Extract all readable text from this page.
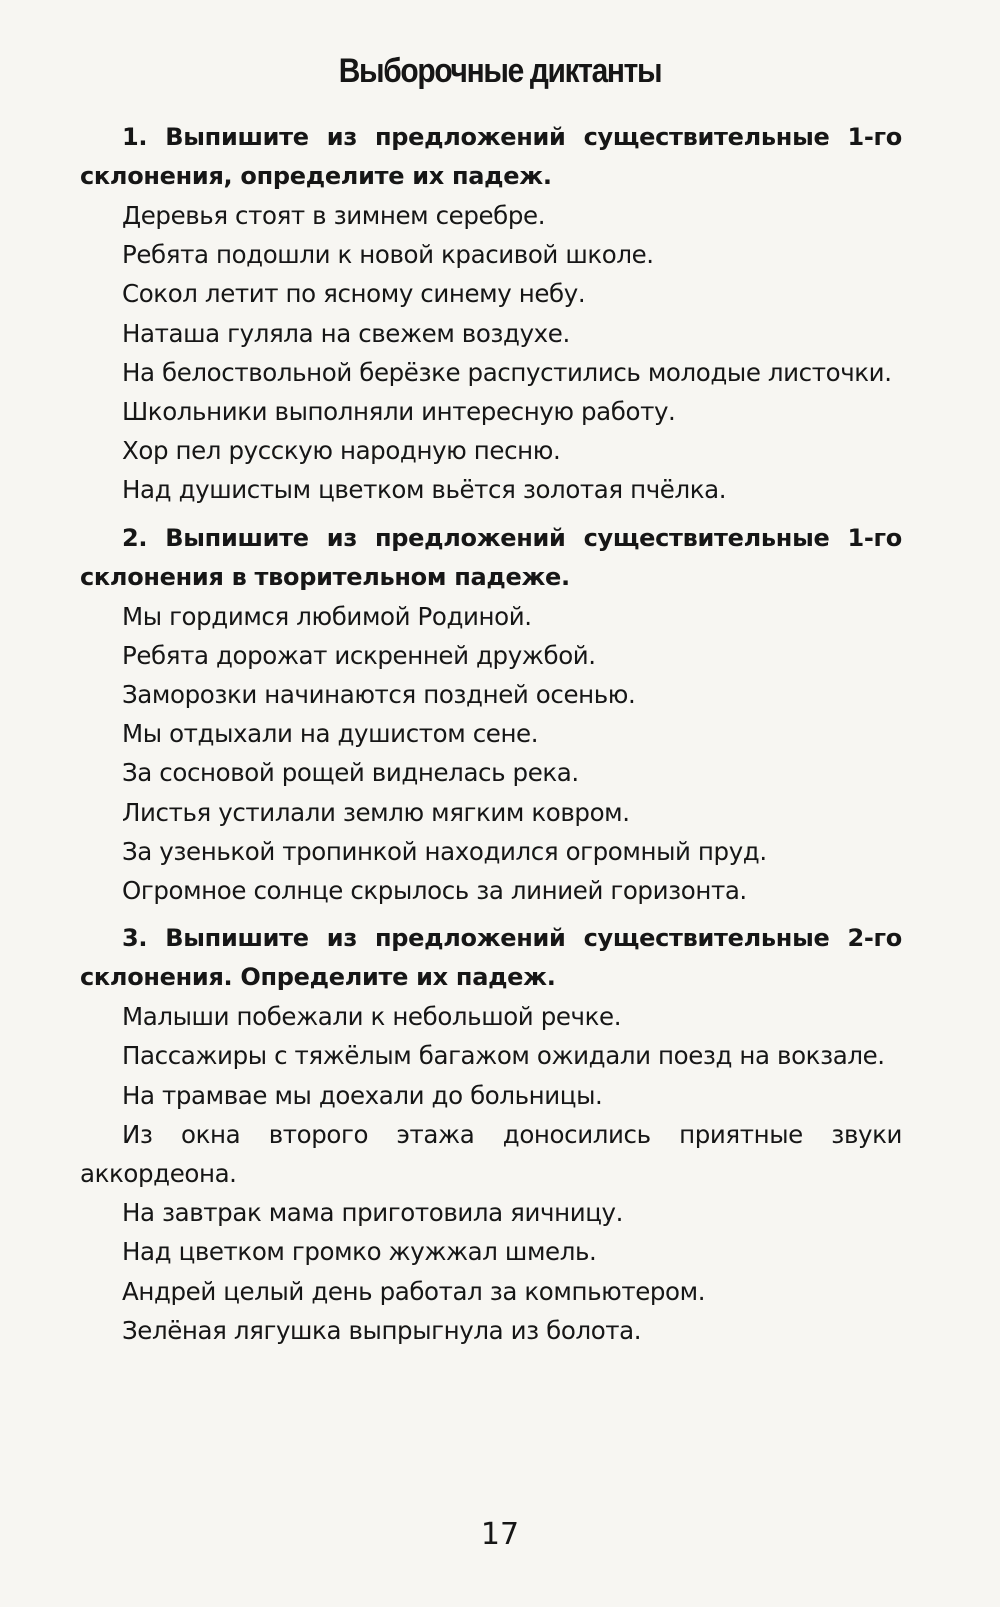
Выборочные диктанты

1. Выпишите из предложений существительные 1-го склонения, определите их падеж.

Деревья стоят в зимнем серебре.
Ребята подошли к новой красивой школе.
Сокол летит по ясному синему небу.
Наташа гуляла на свежем воздухе.
На белоствольной берёзке распустились молодые листочки.
Школьники выполняли интересную работу.
Хор пел русскую народную песню.
Над душистым цветком вьётся золотая пчёлка.

2. Выпишите из предложений существительные 1-го склонения в творительном падеже.

Мы гордимся любимой Родиной.
Ребята дорожат искренней дружбой.
Заморозки начинаются поздней осенью.
Мы отдыхали на душистом сене.
За сосновой рощей виднелась река.
Листья устилали землю мягким ковром.
За узенькой тропинкой находился огромный пруд.
Огромное солнце скрылось за линией горизонта.

3. Выпишите из предложений существительные 2-го склонения. Определите их падеж.

Малыши побежали к небольшой речке.
Пассажиры с тяжёлым багажом ожидали поезд на вокзале.
На трамвае мы доехали до больницы.
Из окна второго этажа доносились приятные звуки аккордеона.
На завтрак мама приготовила яичницу.
Над цветком громко жужжал шмель.
Андрей целый день работал за компьютером.
Зелёная лягушка выпрыгнула из болота.
17
